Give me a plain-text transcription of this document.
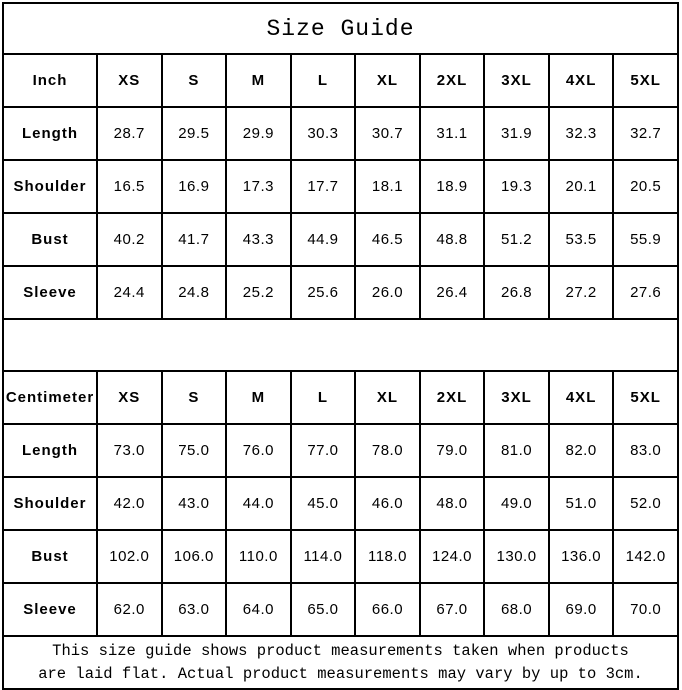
Size Guide									
Inch	XS	S	M	L	XL	2XL	3XL	4XL	5XL
Length	28.7	29.5	29.9	30.3	30.7	31.1	31.9	32.3	32.7
Shoulder	16.5	16.9	17.3	17.7	18.1	18.9	19.3	20.1	20.5
Bust	40.2	41.7	43.3	44.9	46.5	48.8	51.2	53.5	55.9
Sleeve	24.4	24.8	25.2	25.6	26.0	26.4	26.8	27.2	27.6

Centimeter	XS	S	M	L	XL	2XL	3XL	4XL	5XL
Length	73.0	75.0	76.0	77.0	78.0	79.0	81.0	82.0	83.0
Shoulder	42.0	43.0	44.0	45.0	46.0	48.0	49.0	51.0	52.0
Bust	102.0	106.0	110.0	114.0	118.0	124.0	130.0	136.0	142.0
Sleeve	62.0	63.0	64.0	65.0	66.0	67.0	68.0	69.0	70.0

This size guide shows product measurements taken when products
are laid flat. Actual product measurements may vary by up to 3cm.									
